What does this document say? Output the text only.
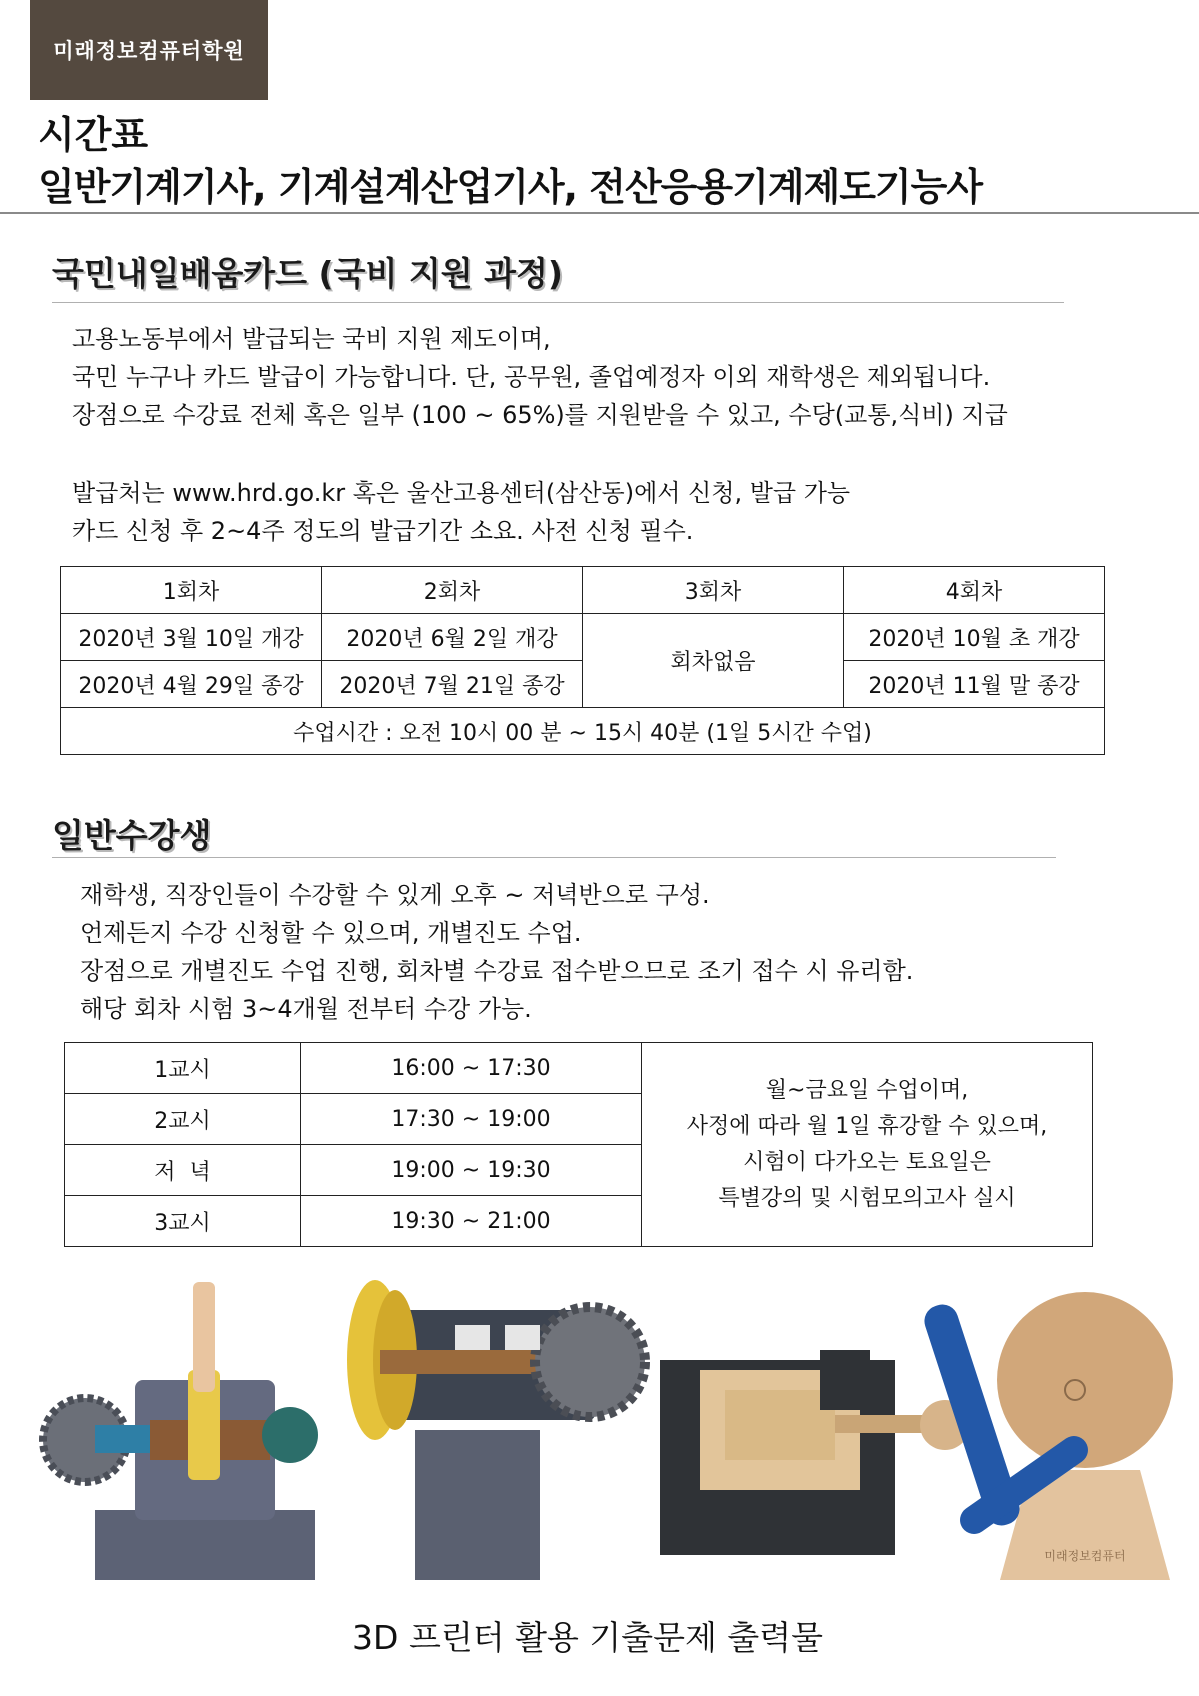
미래정보컴퓨터학원
시간표
일반기계기사, 기계설계산업기사, 전산응용기계제도기능사
국민내일배움카드 (국비 지원 과정)

고용노동부에서 발급되는 국비 지원 제도이며,

국민 누구나 카드 발급이 가능합니다. 단, 공무원, 졸업예정자 이외 재학생은 제외됩니다.

장점으로 수강료 전체 혹은 일부 (100 ~ 65%)를 지원받을 수 있고, 수당(교통,식비) 지급

발급처는 www.hrd.go.kr 혹은 울산고용센터(삼산동)에서 신청, 발급 가능

카드 신청 후 2~4주 정도의 발급기간 소요. 사전 신청 필수.

1회차	2회차	3회차	4회차
2020년 3월 10일 개강	2020년 6월 2일 개강	회차없음	2020년 10월 초 개강
2020년 4월 29일 종강	2020년 7월 21일 종강		2020년 11월 말 종강
수업시간 : 오전 10시 00 분 ~ 15시 40분 (1일 5시간 수업)			
일반수강생

재학생, 직장인들이 수강할 수 있게 오후 ~ 저녁반으로 구성.

언제든지 수강 신청할 수 있으며, 개별진도 수업.

장점으로 개별진도 수업 진행, 회차별 수강료 접수받으므로 조기 접수 시 유리함.

해당 회차 시험 3~4개월 전부터 수강 가능.

1교시	16:00 ~ 17:30	월~금요일 수업이며,
사정에 따라 월 1일 휴강할 수 있으며,
시험이 다가오는 토요일은
특별강의 및 시험모의고사 실시

2교시	17:30 ~ 19:00	
저  녁	19:00 ~ 19:30	
3교시	19:30 ~ 21:00	
미래정보컴퓨터
3D 프린터 활용 기출문제 출력물
